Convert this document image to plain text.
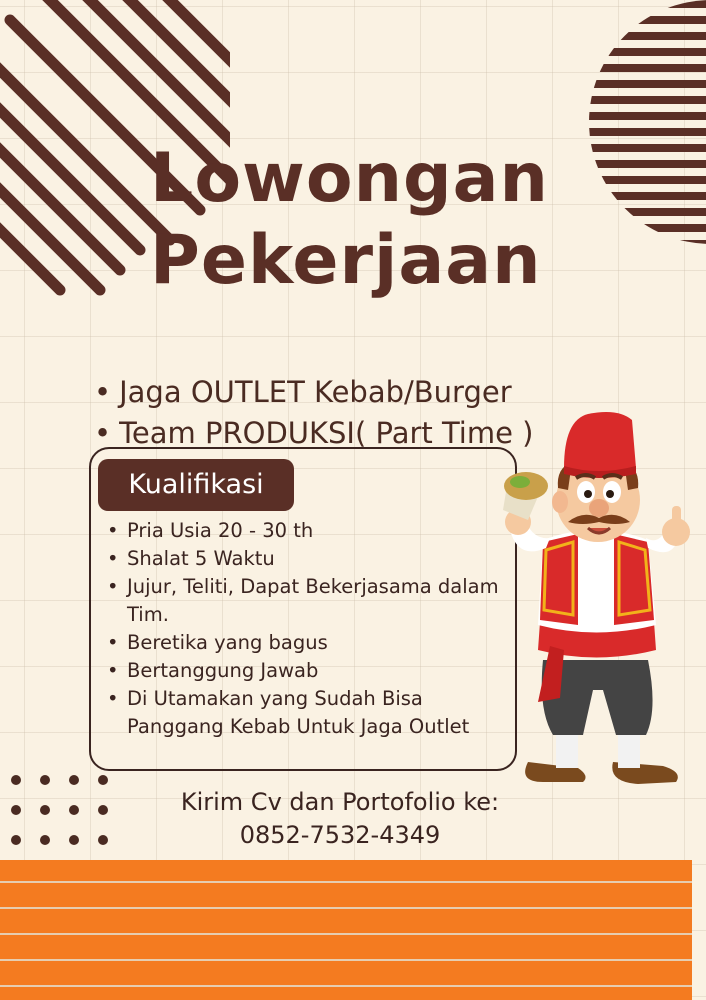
Lowongan
Pekerjaan
• Jaga OUTLET Kebab/Burger
• Team PRODUKSI( Part Time )
Kualifikasi
• Pria Usia 20 - 30 th
• Shalat 5 Waktu
• Jujur, Teliti, Dapat Bekerjasama dalam Tim.
• Beretika yang bagus
• Bertanggung Jawab
• Di Utamakan yang Sudah Bisa Panggang Kebab Untuk Jaga Outlet
Kirim Cv dan Portofolio ke:
0852-7532-4349
